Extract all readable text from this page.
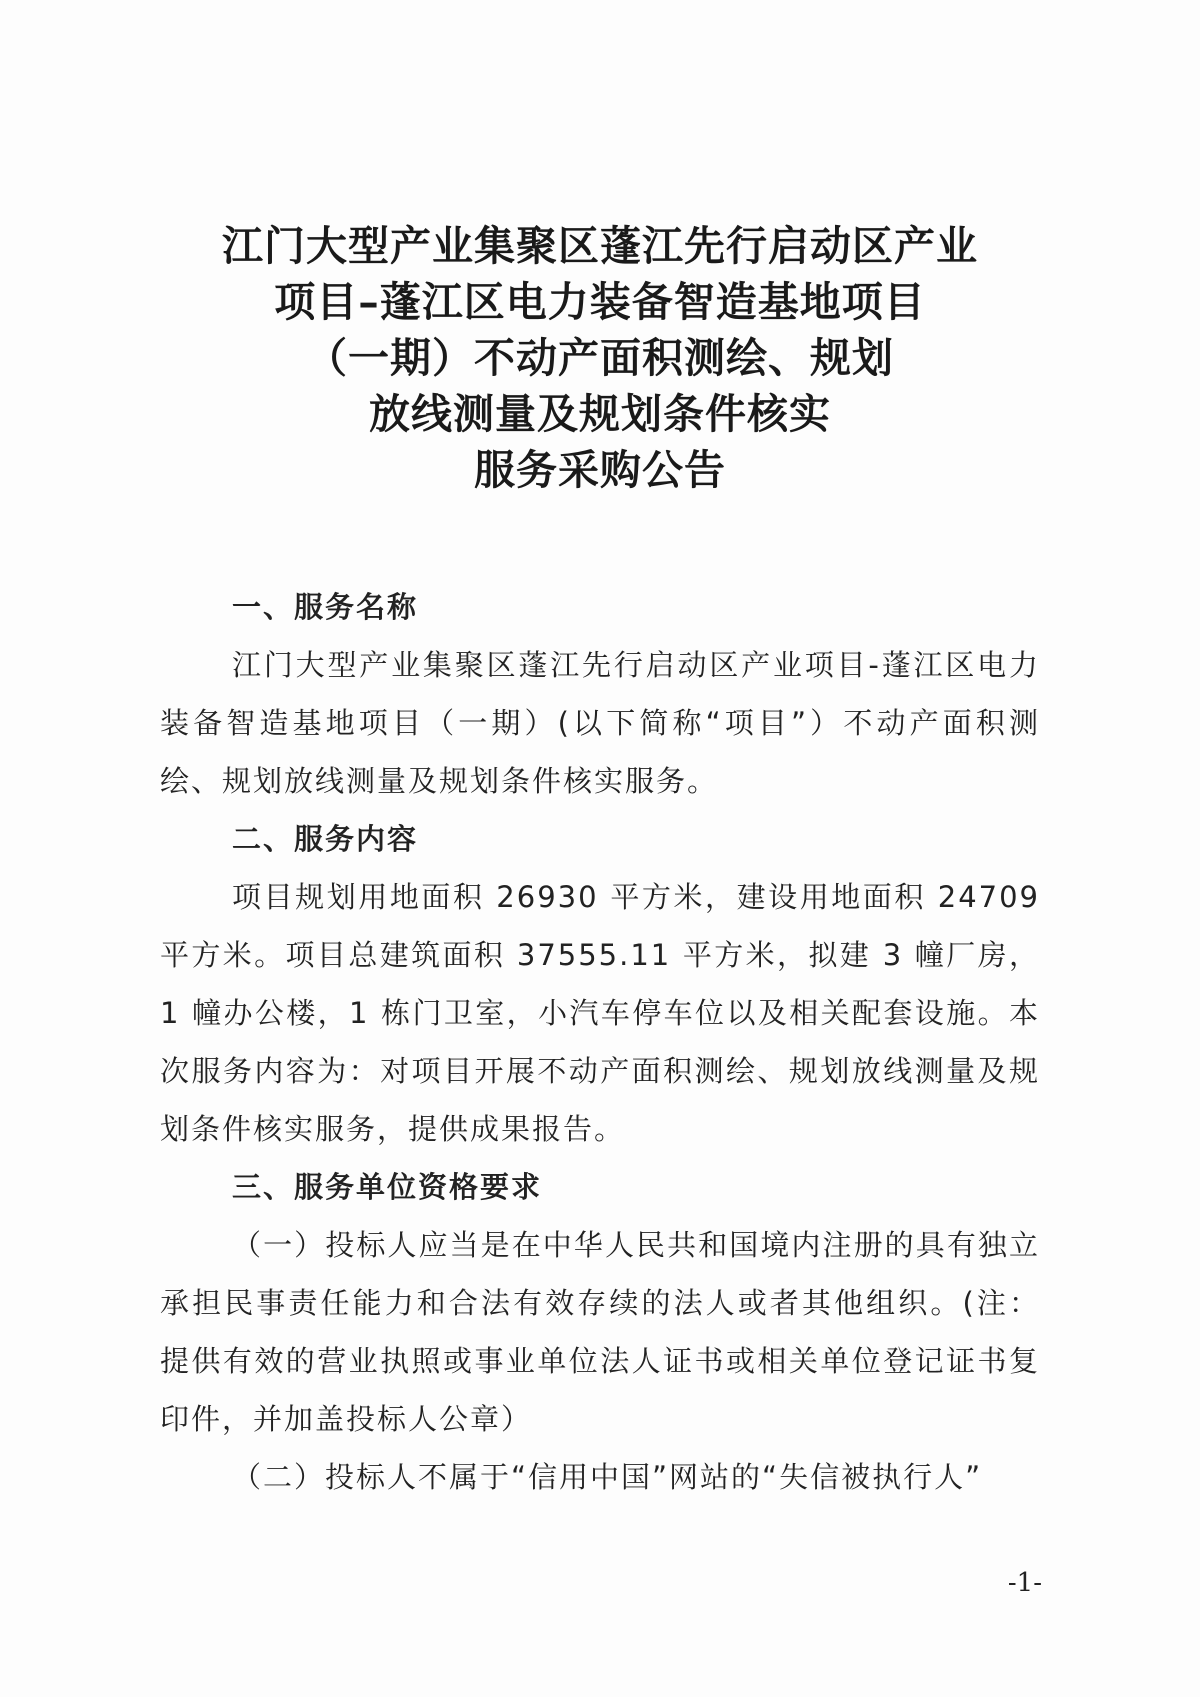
江门大型产业集聚区蓬江先行启动区产业
项目–蓬江区电力装备智造基地项目
（一期）不动产面积测绘、规划
放线测量及规划条件核实
服务采购公告
一、服务名称
江门大型产业集聚区蓬江先行启动区产业项目-蓬江区电力装备智造基地项目（一期）(以下简称“项目”）不动产面积测绘、规划放线测量及规划条件核实服务。
二、服务内容
项目规划用地面积 26930 平方米，建设用地面积 24709 平方米。项目总建筑面积 37555.11 平方米，拟建 3 幢厂房，1 幢办公楼，1 栋门卫室，小汽车停车位以及相关配套设施。本次服务内容为：对项目开展不动产面积测绘、规划放线测量及规划条件核实服务，提供成果报告。
三、服务单位资格要求
（一）投标人应当是在中华人民共和国境内注册的具有独立承担民事责任能力和合法有效存续的法人或者其他组织。(注：提供有效的营业执照或事业单位法人证书或相关单位登记证书复印件，并加盖投标人公章）
（二）投标人不属于“信用中国”网站的“失信被执行人”
-1-
